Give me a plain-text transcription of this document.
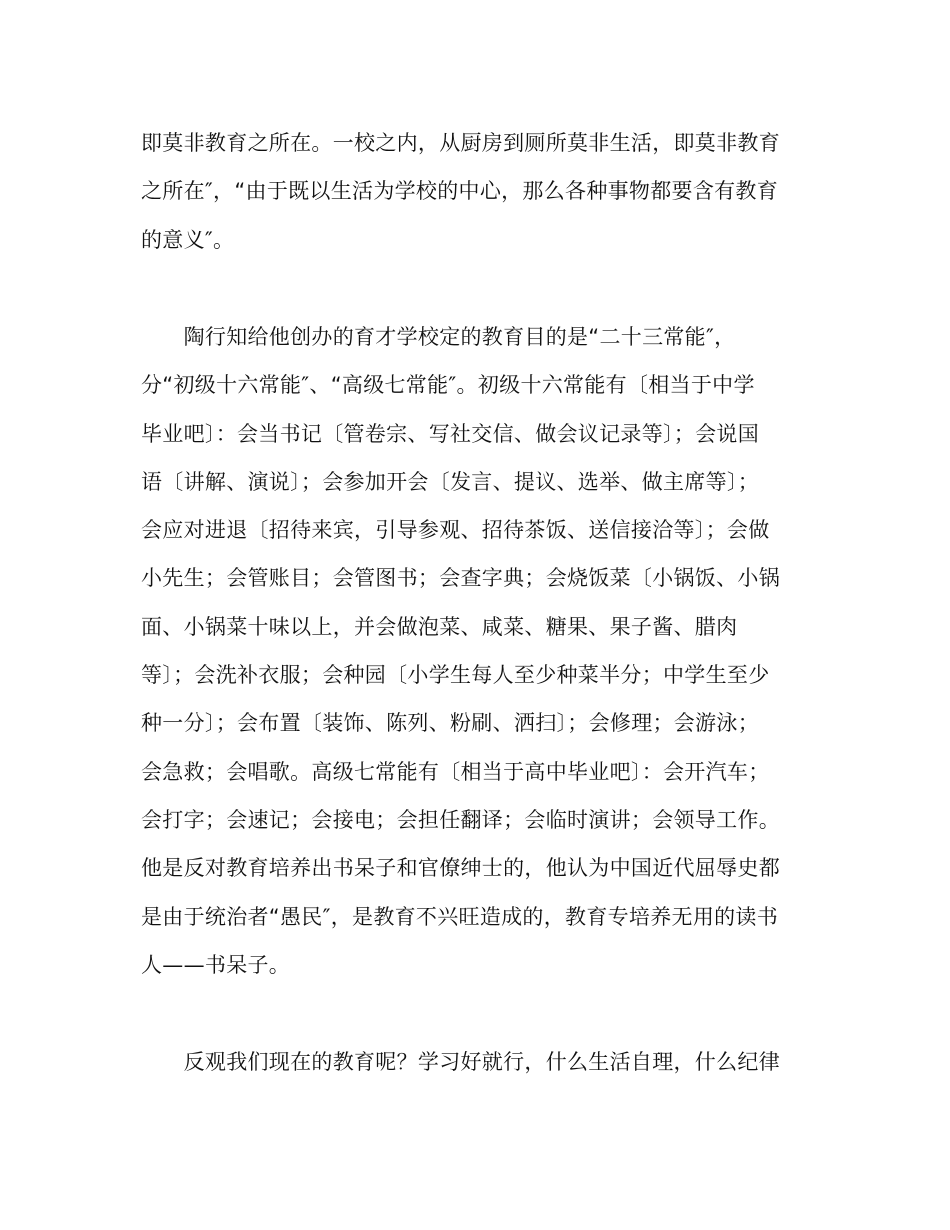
即莫非教育之所在。一校之内，从厨房到厕所莫非生活，即莫非教育
之所在″，“由于既以生活为学校的中心，那么各种事物都要含有教育
的意义″。
　　陶行知给他创办的育才学校定的教育目的是“二十三常能″，
分“初级十六常能″、“高级七常能″。初级十六常能有〔相当于中学
毕业吧〕：会当书记〔管卷宗、写社交信、做会议记录等〕；会说国
语〔讲解、演说〕；会参加开会〔发言、提议、选举、做主席等〕；
会应对进退〔招待来宾，引导参观、招待茶饭、送信接洽等〕；会做
小先生；会管账目；会管图书；会查字典；会烧饭菜〔小锅饭、小锅
面、小锅菜十味以上，并会做泡菜、咸菜、糖果、果子酱、腊肉
等〕；会洗补衣服；会种园〔小学生每人至少种菜半分；中学生至少
种一分〕；会布置〔装饰、陈列、粉刷、洒扫〕；会修理；会游泳；
会急救；会唱歌。高级七常能有〔相当于高中毕业吧〕：会开汽车；
会打字；会速记；会接电；会担任翻译；会临时演讲；会领导工作。
他是反对教育培养出书呆子和官僚绅士的，他认为中国近代屈辱史都
是由于统治者“愚民″，是教育不兴旺造成的，教育专培养无用的读书
人——书呆子。
　　反观我们现在的教育呢？学习好就行，什么生活自理，什么纪律
